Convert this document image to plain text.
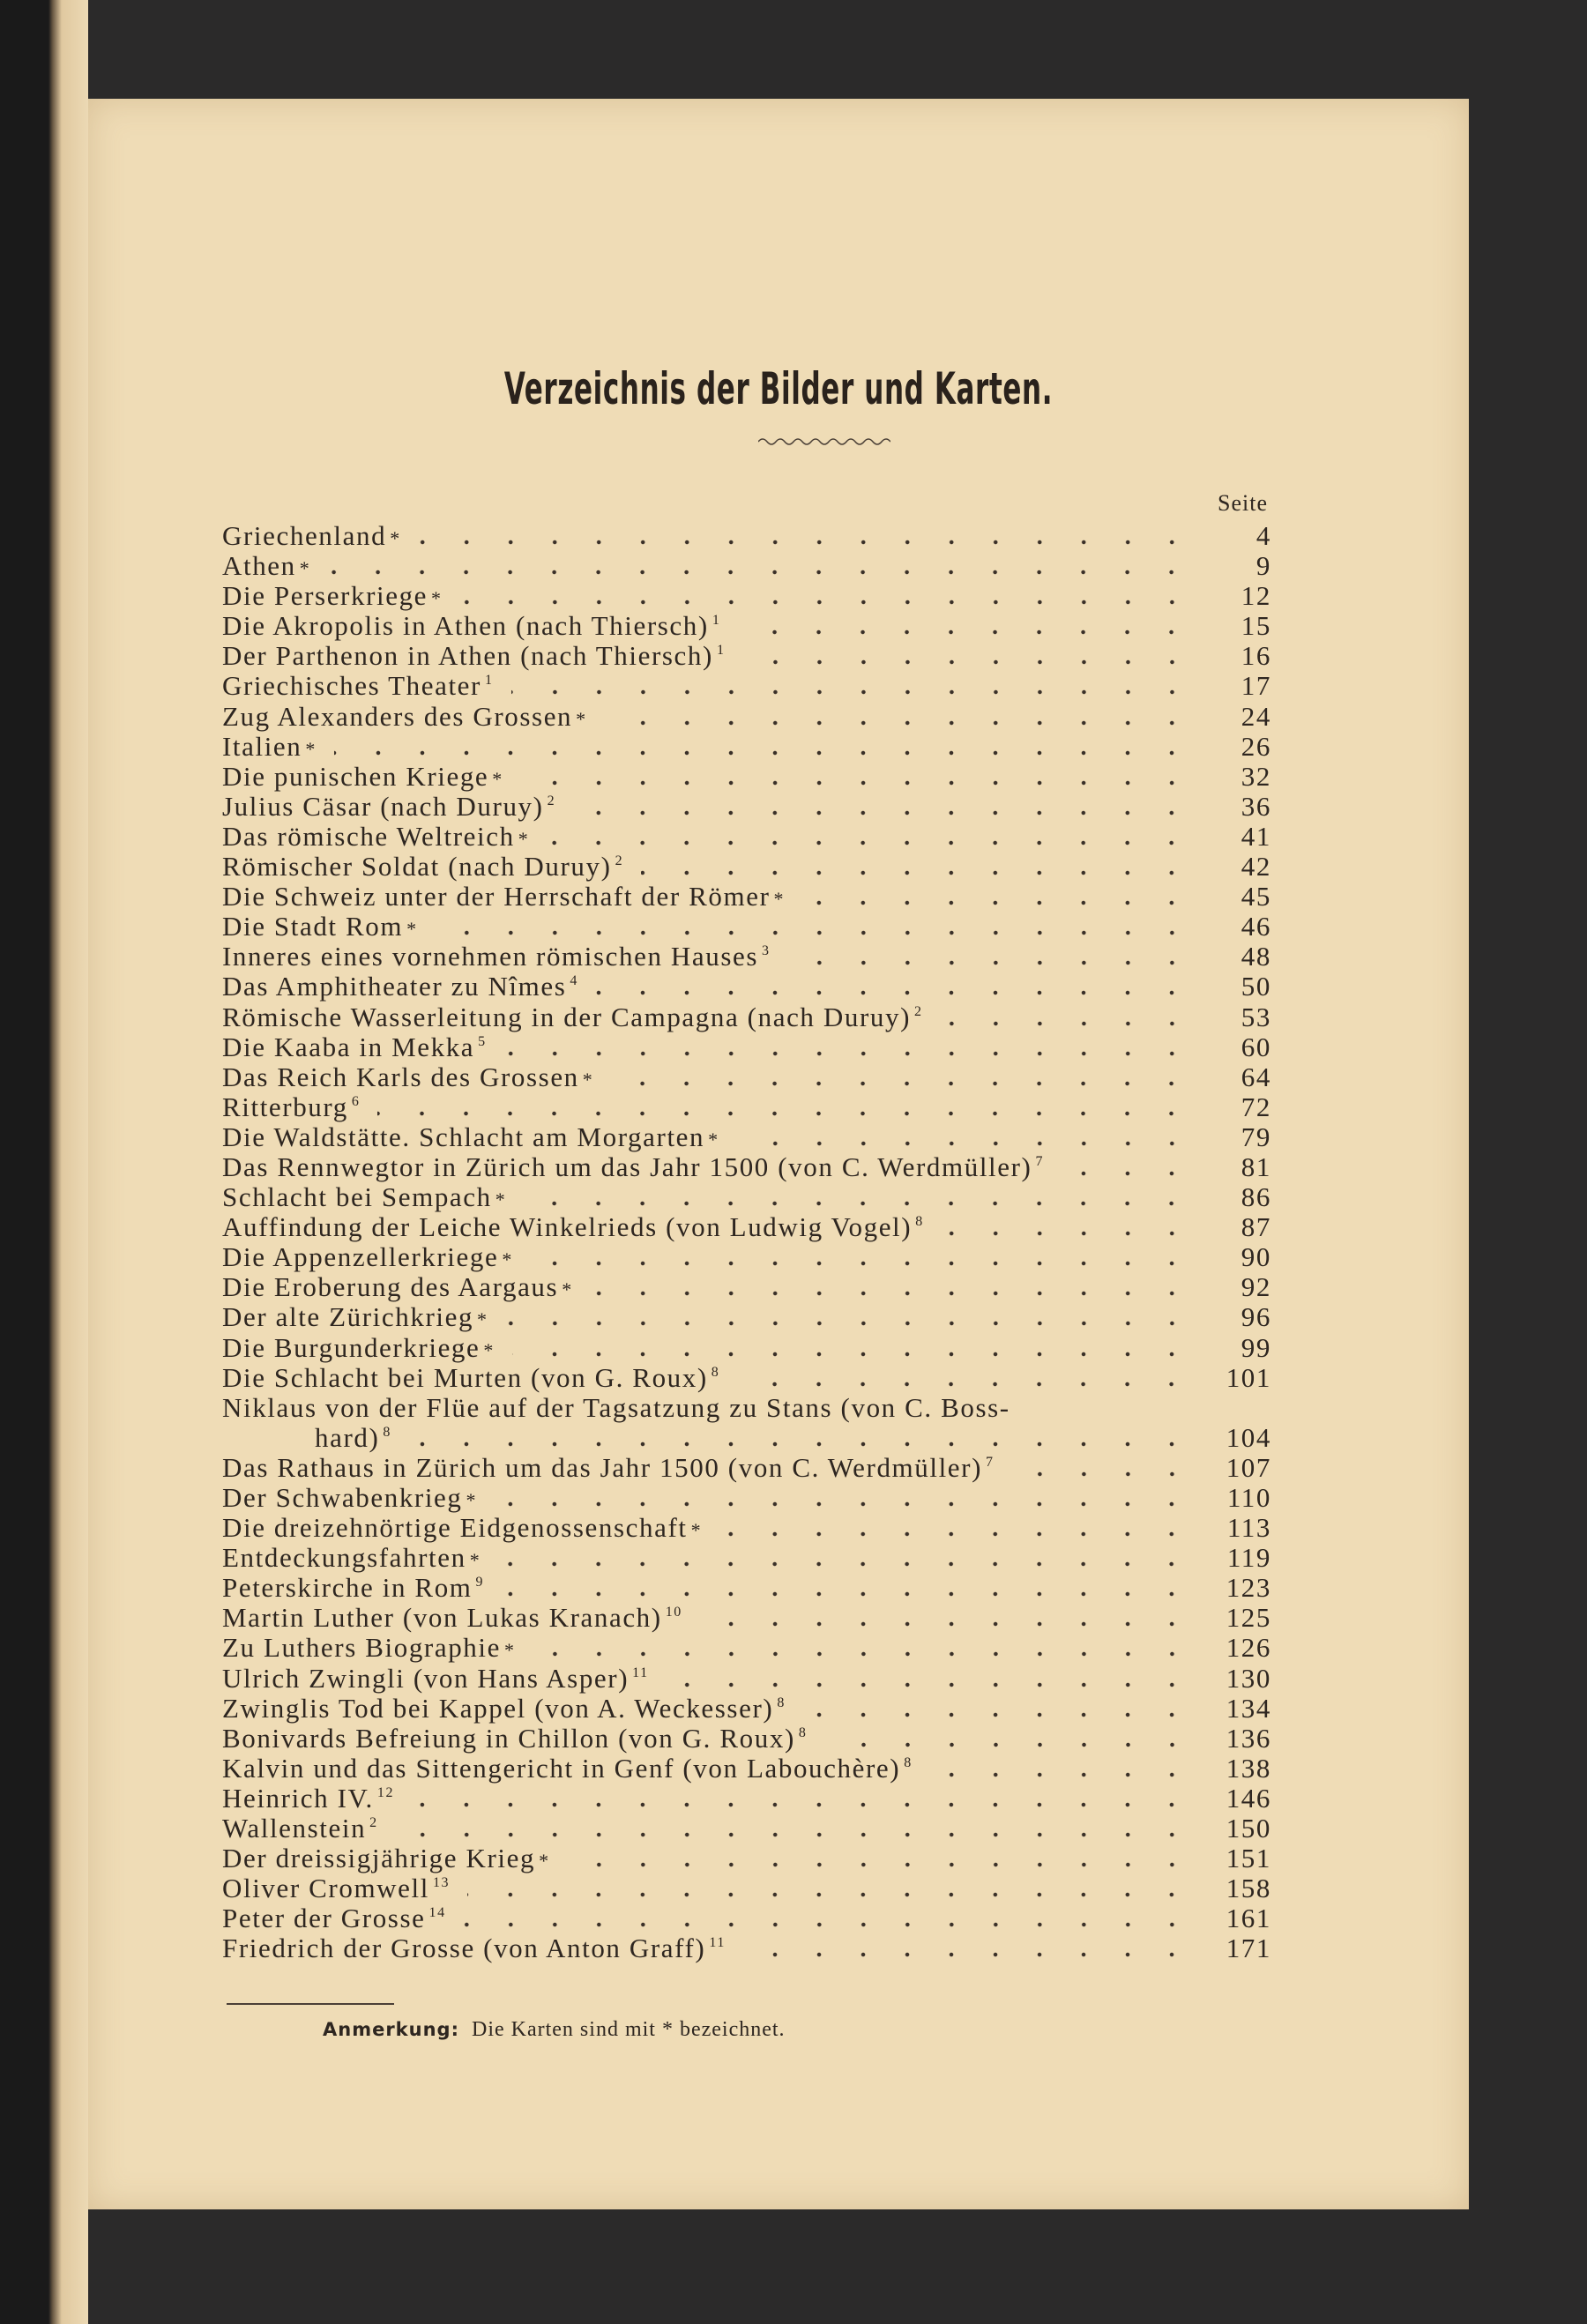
Verzeichnis der Bilder und Karten.
Seite
Griechenland *	4
Athen *	9
Die Perserkriege *	12
Die Akropolis in Athen (nach Thiersch) 1	15
Der Parthenon in Athen (nach Thiersch) 1	16
Griechisches Theater 1	17
Zug Alexanders des Grossen *	24
Italien *	26
Die punischen Kriege *	32
Julius Cäsar (nach Duruy) 2	36
Das römische Weltreich *	41
Römischer Soldat (nach Duruy) 2	42
Die Schweiz unter der Herrschaft der Römer *	45
Die Stadt Rom *	46
Inneres eines vornehmen römischen Hauses 3	48
Das Amphitheater zu Nîmes 4	50
Römische Wasserleitung in der Campagna (nach Duruy) 2	53
Die Kaaba in Mekka 5	60
Das Reich Karls des Grossen *	64
Ritterburg 6	72
Die Waldstätte. Schlacht am Morgarten *	79
Das Rennwegtor in Zürich um das Jahr 1500 (von C. Werdmüller) 7	81
Schlacht bei Sempach *	86
Auffindung der Leiche Winkelrieds (von Ludwig Vogel) 8	87
Die Appenzellerkriege *	90
Die Eroberung des Aargaus *	92
Der alte Zürichkrieg *	96
Die Burgunderkriege *	99
Die Schlacht bei Murten (von G. Roux) 8	101
Niklaus von der Flüe auf der Tagsatzung zu Stans (von C. Boss-
hard) 8	104
Das Rathaus in Zürich um das Jahr 1500 (von C. Werdmüller) 7	107
Der Schwabenkrieg *	110
Die dreizehnörtige Eidgenossenschaft *	113
Entdeckungsfahrten *	119
Peterskirche in Rom 9	123
Martin Luther (von Lukas Kranach) 10	125
Zu Luthers Biographie *	126
Ulrich Zwingli (von Hans Asper) 11	130
Zwinglis Tod bei Kappel (von A. Weckesser) 8	134
Bonivards Befreiung in Chillon (von G. Roux) 8	136
Kalvin und das Sittengericht in Genf (von Labouchère) 8	138
Heinrich IV. 12	146
Wallenstein 2	150
Der dreissigjährige Krieg *	151
Oliver Cromwell 13	158
Peter der Grosse 14	161
Friedrich der Grosse (von Anton Graff) 11	171
Anmerkung: Die Karten sind mit * bezeichnet.
